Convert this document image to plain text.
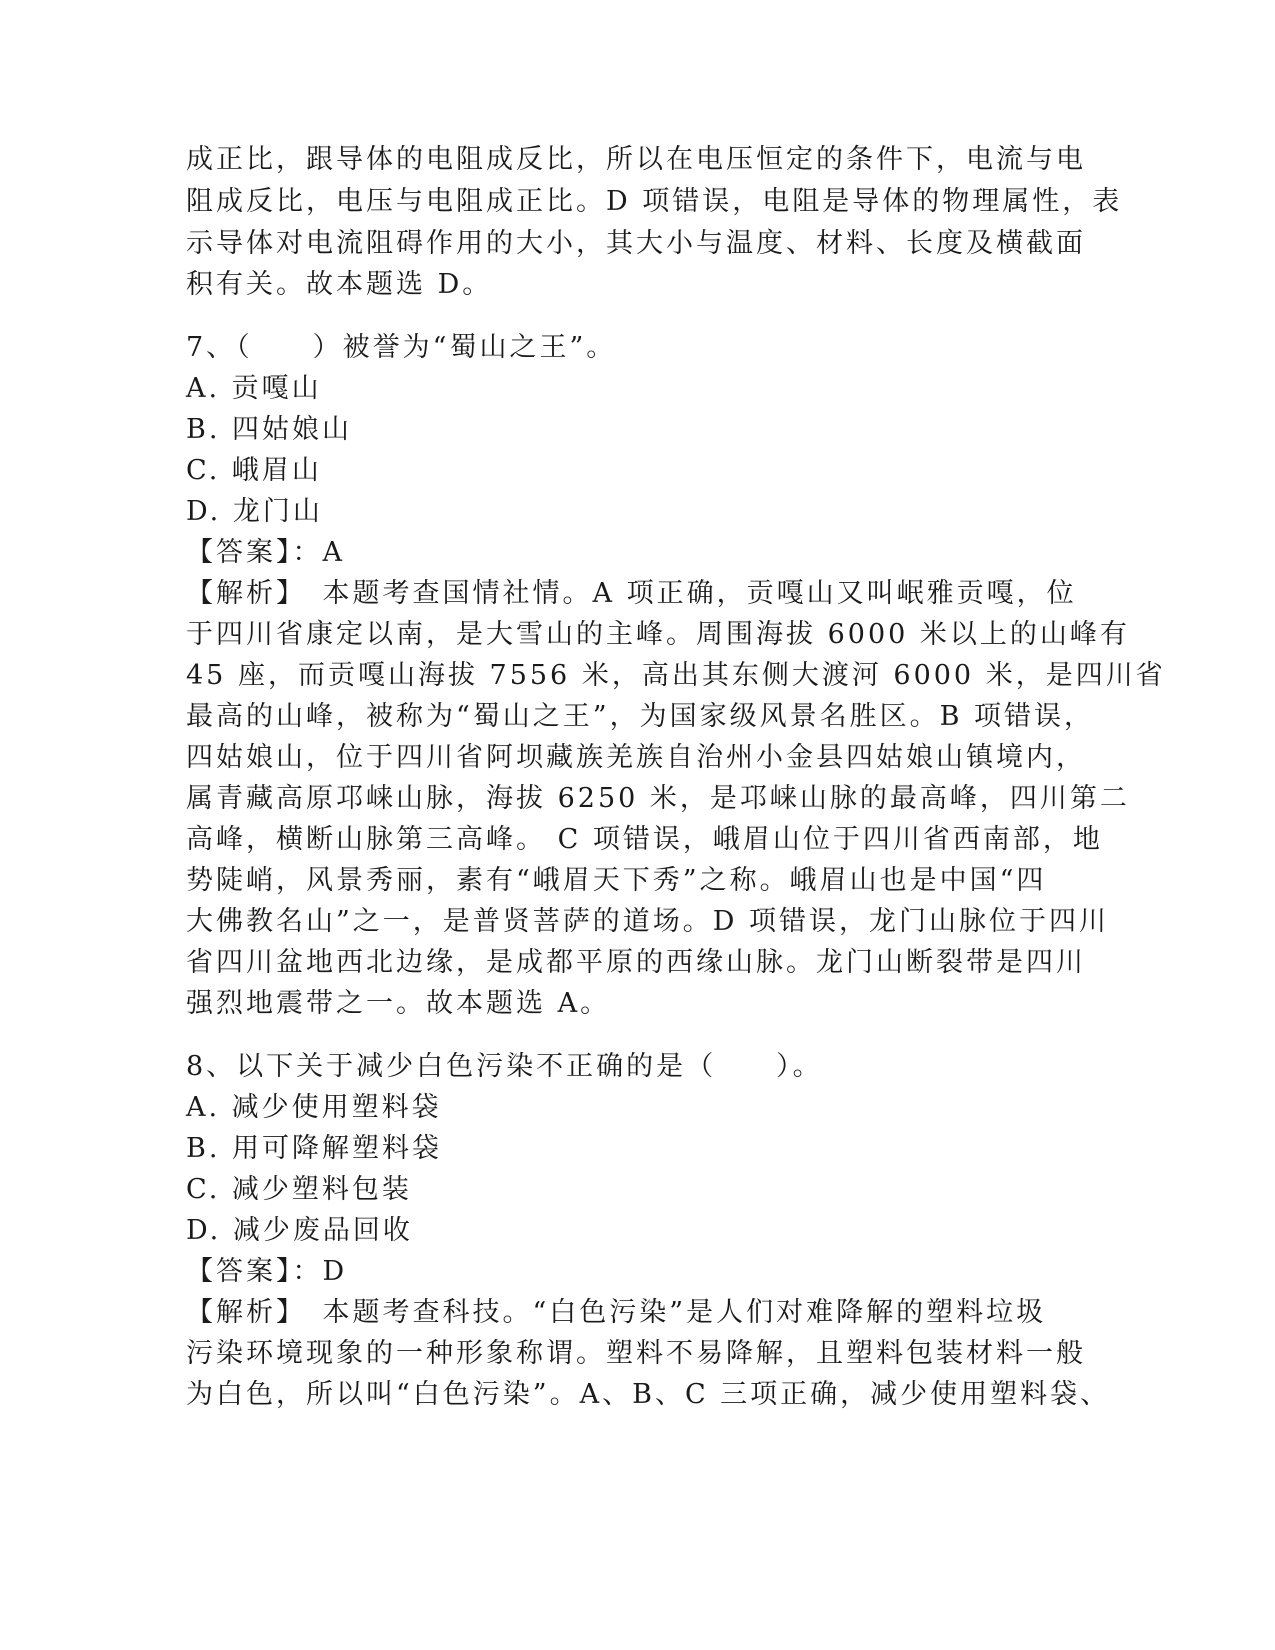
成正比，跟导体的电阻成反比，所以在电压恒定的条件下，电流与电
阻成反比，电压与电阻成正比。D 项错误，电阻是导体的物理属性，表
示导体对电流阻碍作用的大小，其大小与温度、材料、长度及横截面
积有关。故本题选 D。
7、（　　）被誉为“蜀山之王”。
A. 贡嘎山
B. 四姑娘山
C. 峨眉山
D. 龙门山
【答案】：A
【解析】　本题考查国情社情。A 项正确，贡嘎山又叫岷雅贡嘎，位
于四川省康定以南，是大雪山的主峰。周围海拔 6000 米以上的山峰有
45 座，而贡嘎山海拔 7556 米，高出其东侧大渡河 6000 米，是四川省
最高的山峰，被称为“蜀山之王”，为国家级风景名胜区。B 项错误，
四姑娘山，位于四川省阿坝藏族羌族自治州小金县四姑娘山镇境内，
属青藏高原邛崃山脉，海拔 6250 米，是邛崃山脉的最高峰，四川第二
高峰，横断山脉第三高峰。 C 项错误，峨眉山位于四川省西南部，地
势陡峭，风景秀丽，素有“峨眉天下秀”之称。峨眉山也是中国“四
大佛教名山”之一，是普贤菩萨的道场。D 项错误，龙门山脉位于四川
省四川盆地西北边缘，是成都平原的西缘山脉。龙门山断裂带是四川
强烈地震带之一。故本题选 A。
8、以下关于减少白色污染不正确的是（　　）。
A. 减少使用塑料袋
B. 用可降解塑料袋
C. 减少塑料包装
D. 减少废品回收
【答案】：D
【解析】　本题考查科技。“白色污染”是人们对难降解的塑料垃圾
污染环境现象的一种形象称谓。塑料不易降解，且塑料包装材料一般
为白色，所以叫“白色污染”。A、B、C 三项正确，减少使用塑料袋、
